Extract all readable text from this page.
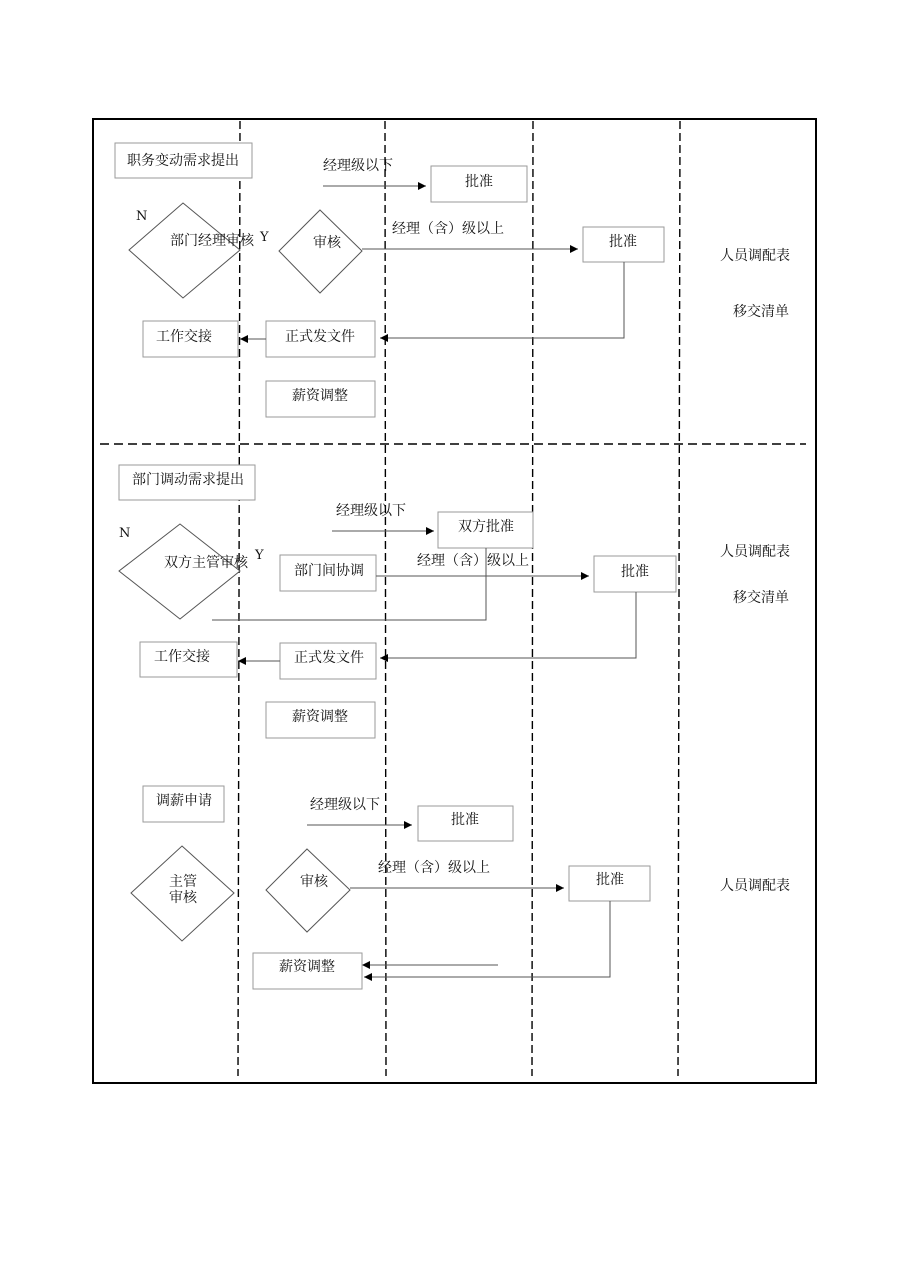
职务变动需求提出
部门经理审核
N
Y	审核
经理级以下
批准
经理（含）级以上
批准
正式发文件
工作交接
薪资调整
人员调配表
移交清单
部门调动需求提出
双方主管审核
N
Y
部门间协调
经理级以下
双方批准
经理（含）级以上
批准
正式发文件
工作交接
薪资调整
人员调配表
移交清单
调薪申请
主管
审核
审核
经理级以下
批准
经理（含）级以上
批准
薪资调整
人员调配表
